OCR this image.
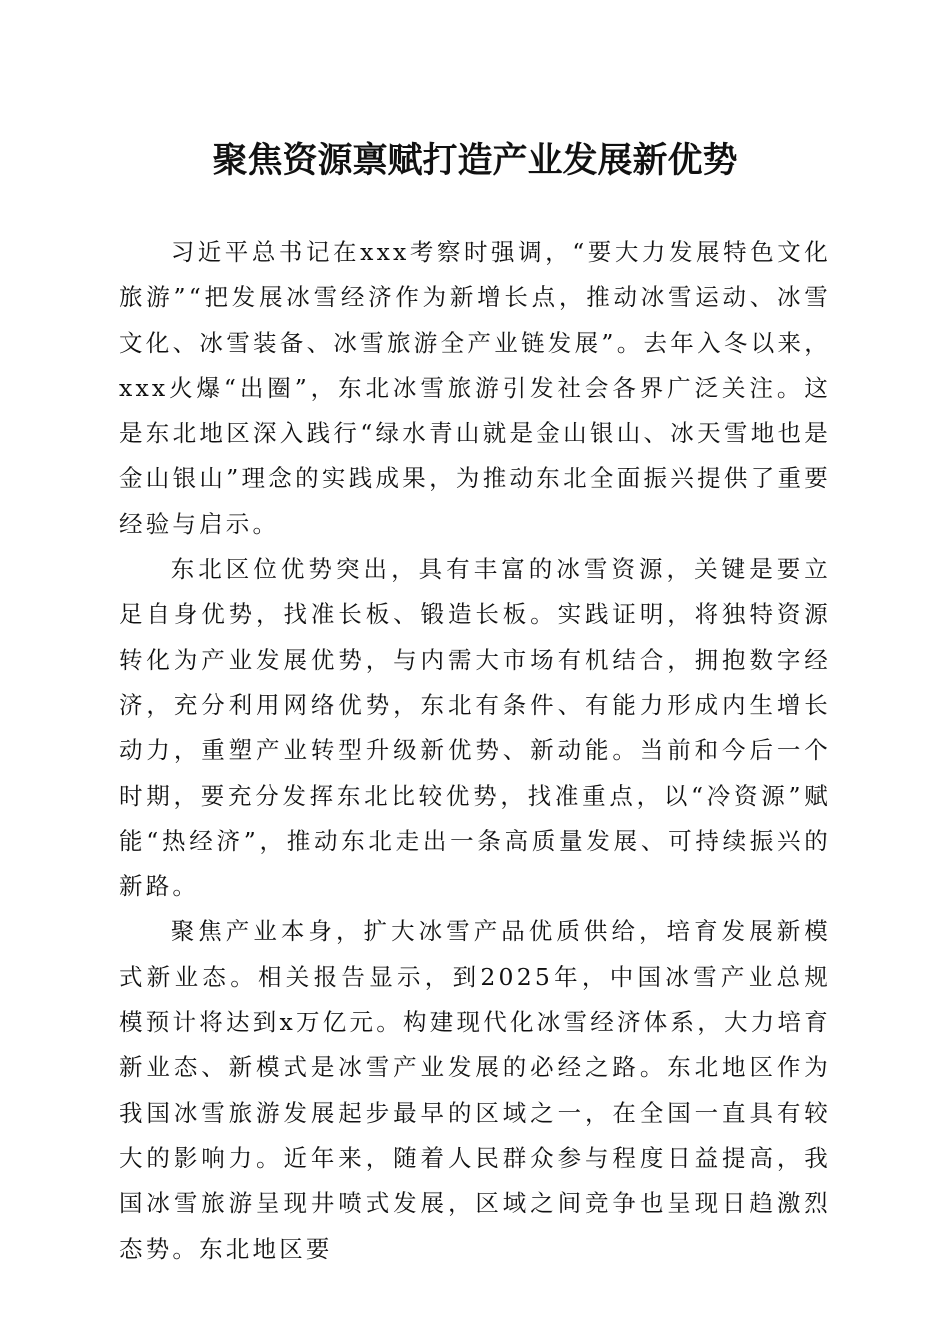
聚焦资源禀赋打造产业发展新优势

习近平总书记在xxx考察时强调，“要大力发展特色文化旅游”“把发展冰雪经济作为新增长点，推动冰雪运动、冰雪文化、冰雪装备、冰雪旅游全产业链发展”。去年入冬以来，xxx火爆“出圈”，东北冰雪旅游引发社会各界广泛关注。这是东北地区深入践行“绿水青山就是金山银山、冰天雪地也是金山银山”理念的实践成果，为推动东北全面振兴提供了重要经验与启示。

东北区位优势突出，具有丰富的冰雪资源，关键是要立足自身优势，找准长板、锻造长板。实践证明，将独特资源转化为产业发展优势，与内需大市场有机结合，拥抱数字经济，充分利用网络优势，东北有条件、有能力形成内生增长动力，重塑产业转型升级新优势、新动能。当前和今后一个时期，要充分发挥东北比较优势，找准重点，以“冷资源”赋能“热经济”，推动东北走出一条高质量发展、可持续振兴的新路。

聚焦产业本身，扩大冰雪产品优质供给，培育发展新模式新业态。相关报告显示，到2025年，中国冰雪产业总规模预计将达到x万亿元。构建现代化冰雪经济体系，大力培育新业态、新模式是冰雪产业发展的必经之路。东北地区作为我国冰雪旅游发展起步最早的区域之一，在全国一直具有较大的影响力。近年来，随着人民群众参与程度日益提高，我国冰雪旅游呈现井喷式发展，区域之间竞争也呈现日趋激烈态势。东北地区要
